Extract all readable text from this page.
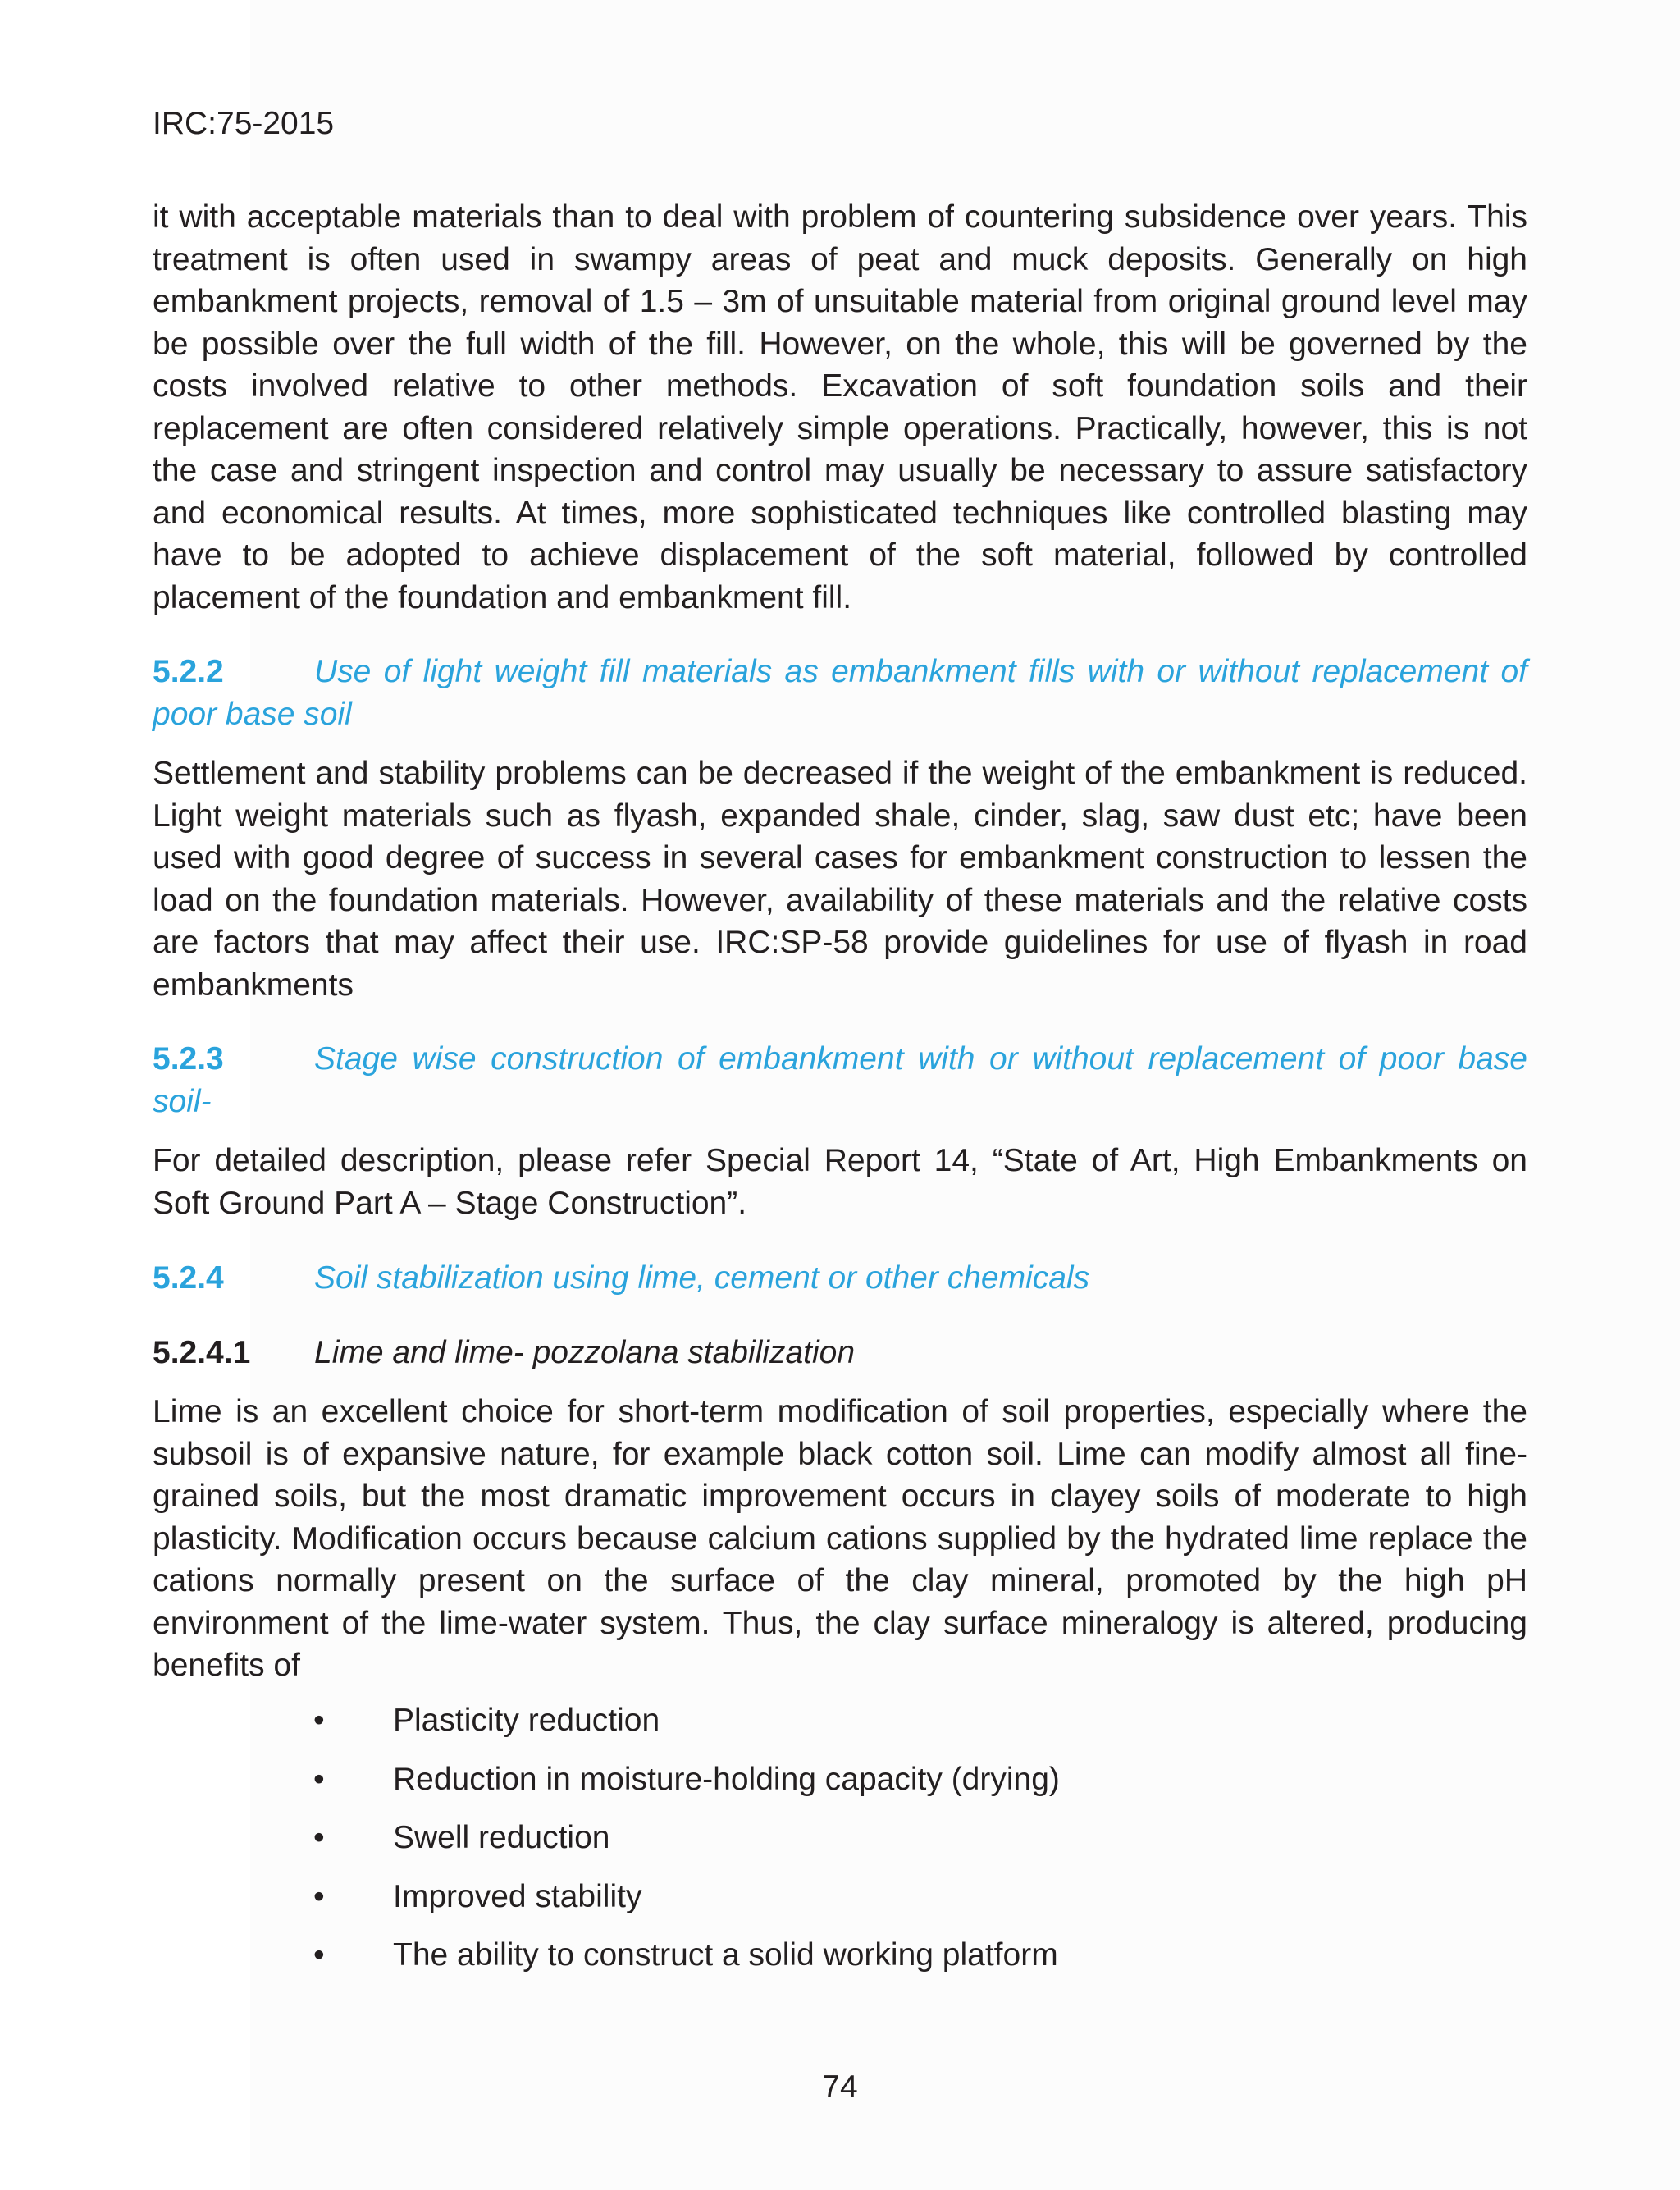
IRC:75-2015

it with acceptable materials than to deal with problem of countering subsidence over years. This treatment is often used in swampy areas of peat and muck deposits. Generally on high embankment projects, removal of 1.5 – 3m of unsuitable material from original ground level may be possible over the full width of the fill. However, on the whole, this will be governed by the costs involved relative to other methods. Excavation of soft foundation soils and their replacement are often considered relatively simple operations. Practically, however, this is not the case and stringent inspection and control may usually be necessary to assure satisfactory and economical results. At times, more sophisticated techniques like controlled blasting may have to be adopted to achieve displacement of the soft material, followed by controlled placement of the foundation and embankment fill.

5.2.2	Use of light weight fill materials as embankment fills with or without replacement of poor base soil

Settlement and stability problems can be decreased if the weight of the embankment is reduced. Light weight materials such as flyash, expanded shale, cinder, slag, saw dust etc; have been used with good degree of success in several cases for embankment construction to lessen the load on the foundation materials. However, availability of these materials and the relative costs are factors that may affect their use. IRC:SP-58 provide guidelines for use of flyash in road embankments

5.2.3	Stage wise construction of embankment with or without replacement of poor base soil-

For detailed description, please refer Special Report 14, “State of Art, High Embankments on Soft Ground Part A – Stage Construction”.

5.2.4	Soil stabilization using lime, cement or other chemicals

5.2.4.1 Lime and lime- pozzolana stabilization

Lime is an excellent choice for short-term modification of soil properties, especially where the subsoil is of expansive nature, for example black cotton soil. Lime can modify almost all fine-grained soils, but the most dramatic improvement occurs in clayey soils of moderate to high plasticity. Modification occurs because calcium cations supplied by the hydrated lime replace the cations normally present on the surface of the clay mineral, promoted by the high pH environment of the lime-water system. Thus, the clay surface mineralogy is altered, producing benefits of

• Plasticity reduction
• Reduction in moisture-holding capacity (drying)
• Swell reduction
• Improved stability
• The ability to construct a solid working platform

74
